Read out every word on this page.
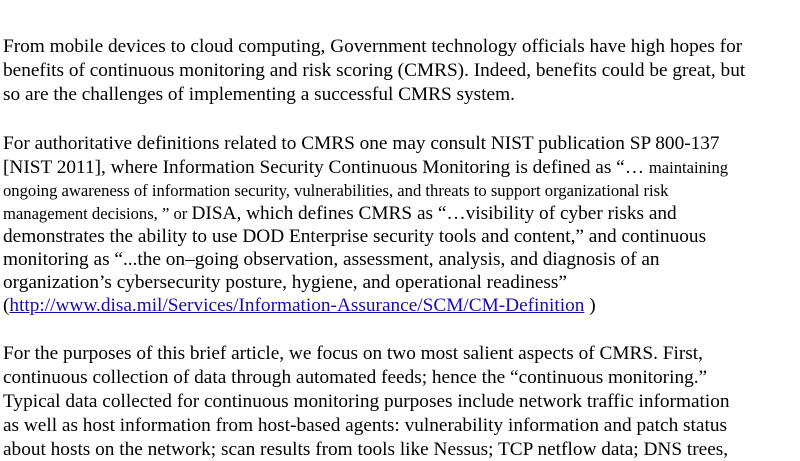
From mobile devices to cloud computing, Government technology officials have high hopes for
benefits of continuous monitoring and risk scoring (CMRS). Indeed, benefits could be great, but
so are the challenges of implementing a successful CMRS system.
For authoritative definitions related to CMRS one may consult NIST publication SP 800-137
[NIST 2011], where Information Security Continuous Monitoring is defined as “… maintaining
ongoing awareness of information security, vulnerabilities, and threats to support organizational risk
management decisions, ” or DISA, which defines CMRS as “…visibility of cyber risks and
demonstrates the ability to use DOD Enterprise security tools and content,” and continuous
monitoring as “...the on–going observation, assessment, analysis, and diagnosis of an
organization’s cybersecurity posture, hygiene, and operational readiness”
(http://www.disa.mil/Services/Information-Assurance/SCM/CM-Definition )
For the purposes of this brief article, we focus on two most salient aspects of CMRS. First,
continuous collection of data through automated feeds; hence the “continuous monitoring.”
Typical data collected for continuous monitoring purposes include network traffic information
as well as host information from host-based agents: vulnerability information and patch status
about hosts on the network; scan results from tools like Nessus; TCP netflow data; DNS trees,
